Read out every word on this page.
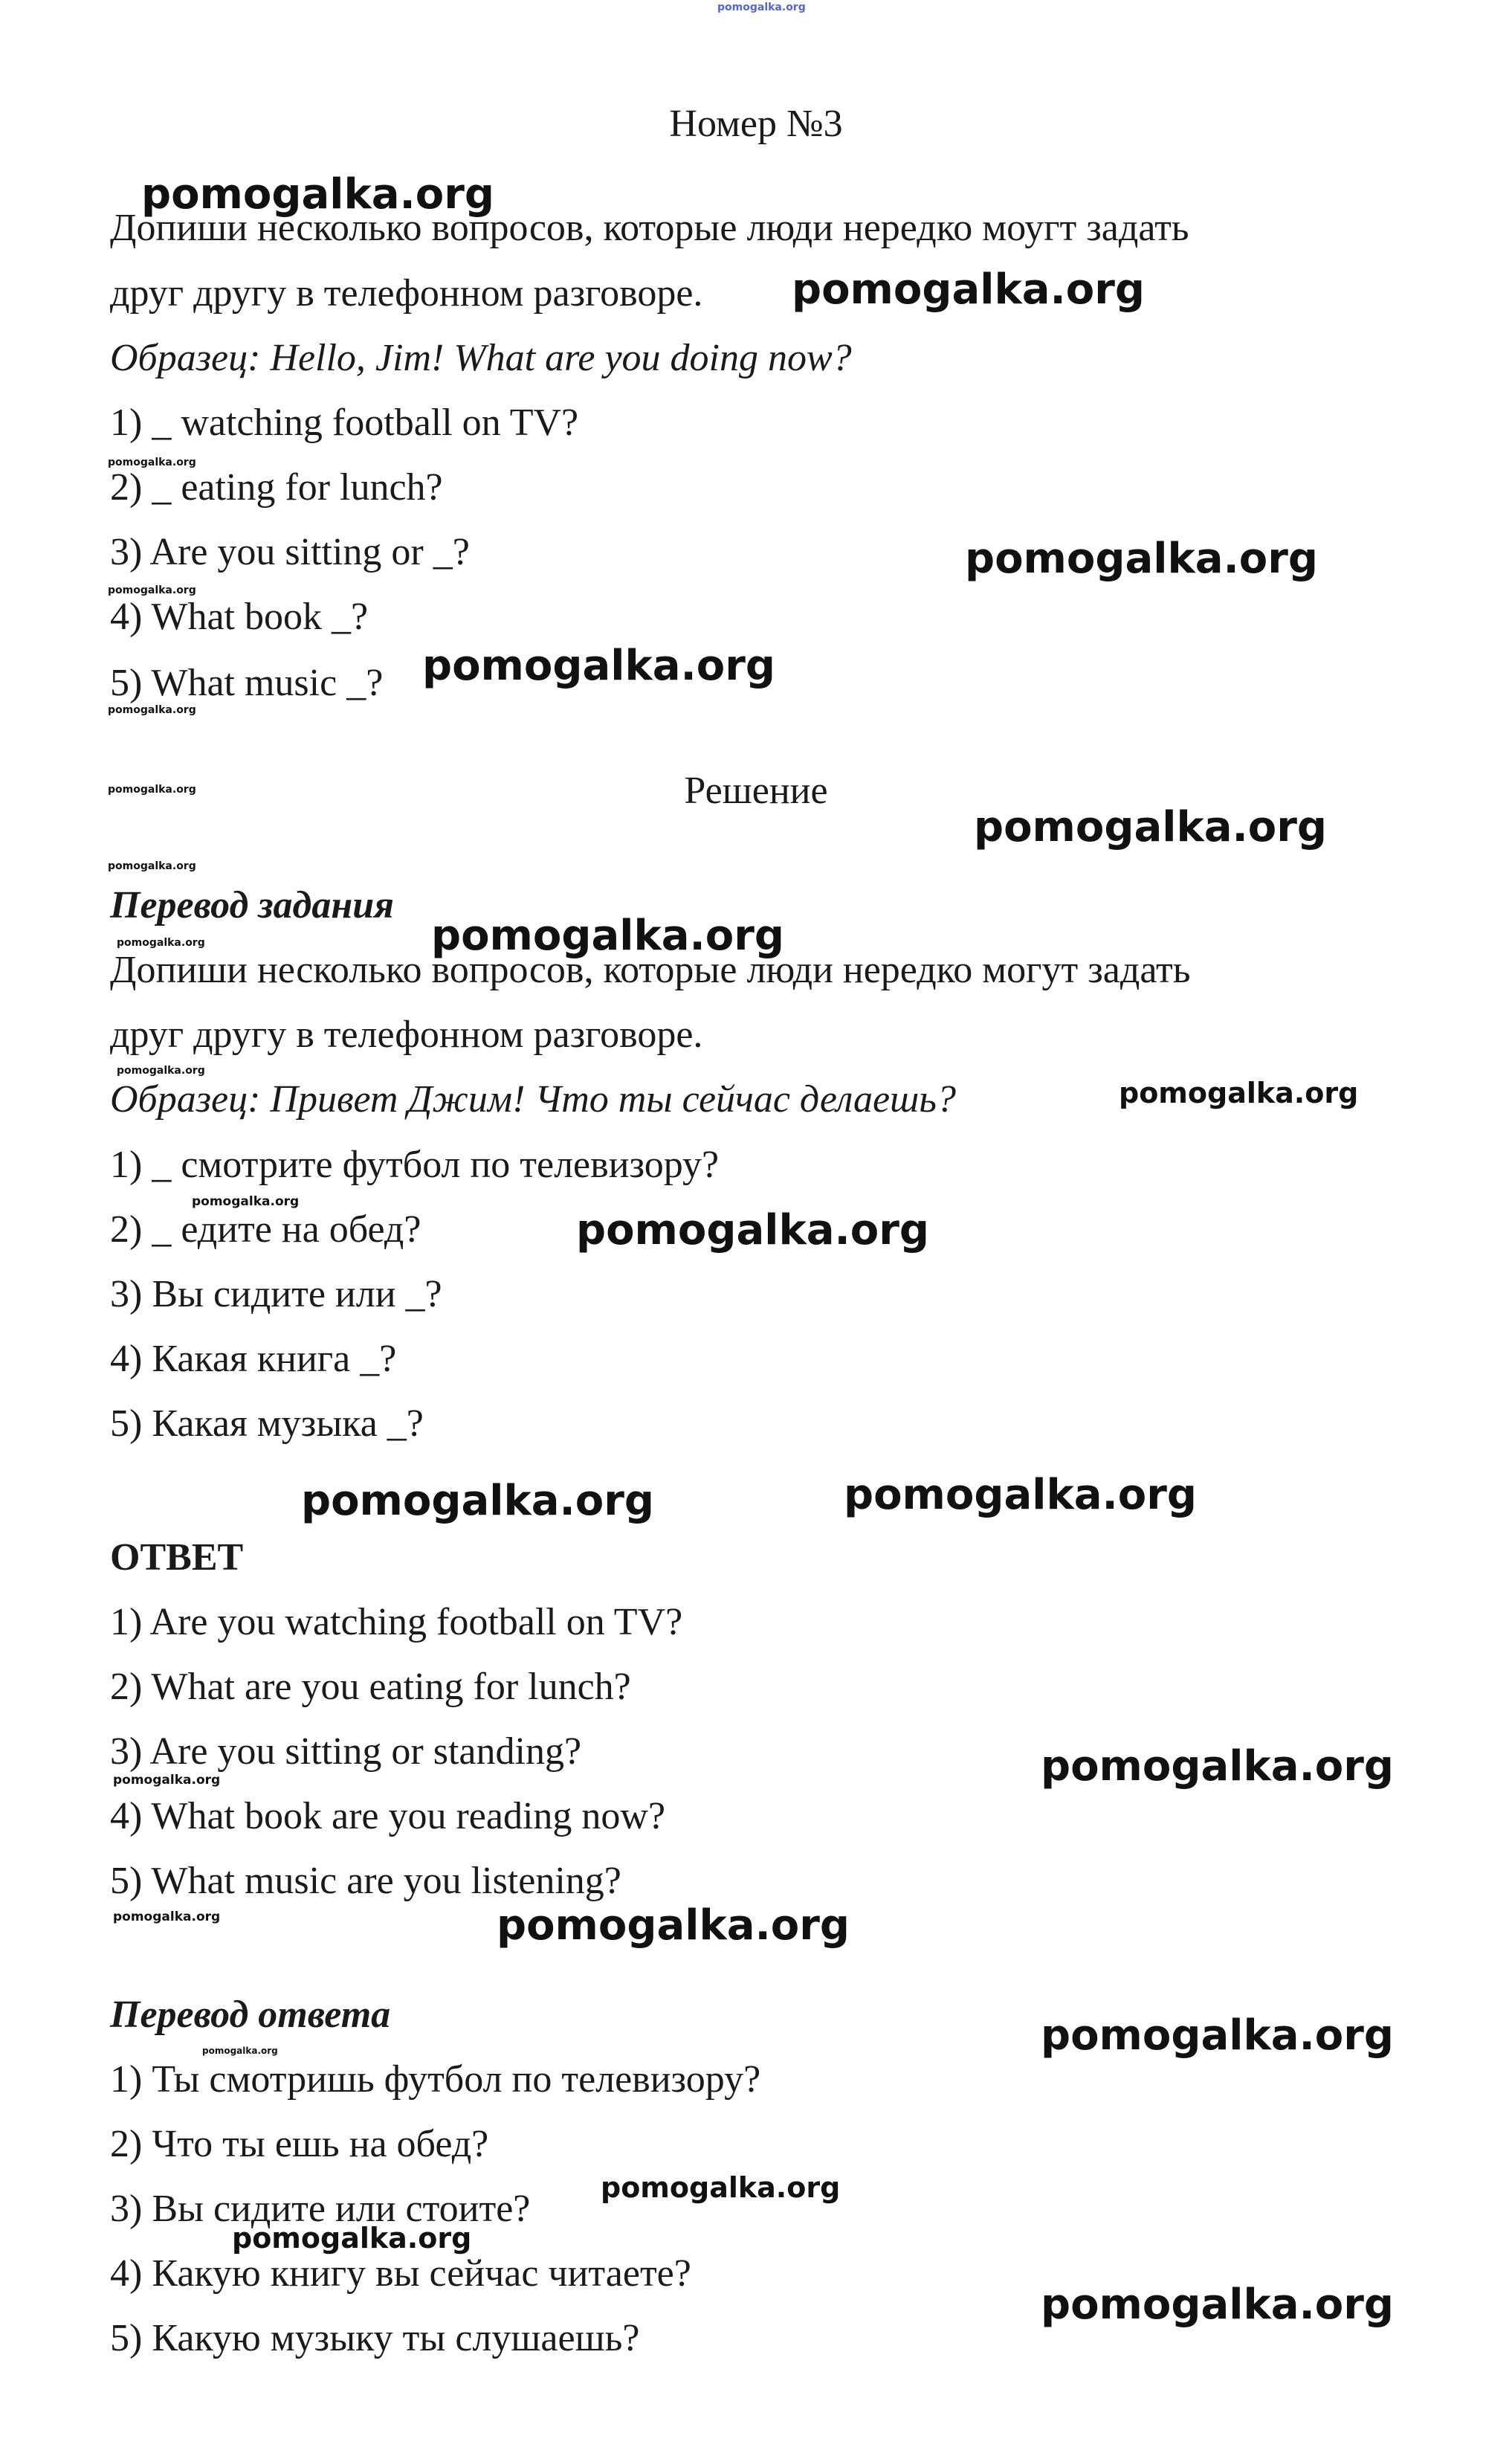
pomogalka.org
Номер №3
Допиши несколько вопросов, которые люди нередко моугт задать
друг другу в телефонном разговоре.
Образец: Hello, Jim! What are you doing now?
1) _ watching football on TV?
2) _ eating for lunch?
3) Are you sitting or _?
4) What book _?
5) What music _?
Решение
Перевод задания
Допиши несколько вопросов, которые люди нередко могут задать
друг другу в телефонном разговоре.
Образец: Привет Джим! Что ты сейчас делаешь?
1) _ смотрите футбол по телевизору?
2) _ едите на обед?
3) Вы сидите или _?
4) Какая книга _?
5) Какая музыка _?
ОТВЕТ
1) Are you watching football on TV?
2) What are you eating for lunch?
3) Are you sitting or standing?
4) What book are you reading now?
5) What music are you listening?
Перевод ответа
1) Ты смотришь футбол по телевизору?
2) Что ты ешь на обед?
3) Вы сидите или стоите?
4) Какую книгу вы сейчас читаете?
5) Какую музыку ты слушаешь?
pomogalka.org
pomogalka.org
pomogalka.org
pomogalka.org
pomogalka.org
pomogalka.org
pomogalka.org
pomogalka.org	pomogalka.org
pomogalka.org
pomogalka.org
pomogalka.org
pomogalka.org
pomogalka.org
pomogalka.org
pomogalka.org
pomogalka.org
pomogalka.org
pomogalka.org
pomogalka.org
pomogalka.org
pomogalka.org
pomogalka.org
pomogalka.org
pomogalka.org
pomogalka.org
pomogalka.org
